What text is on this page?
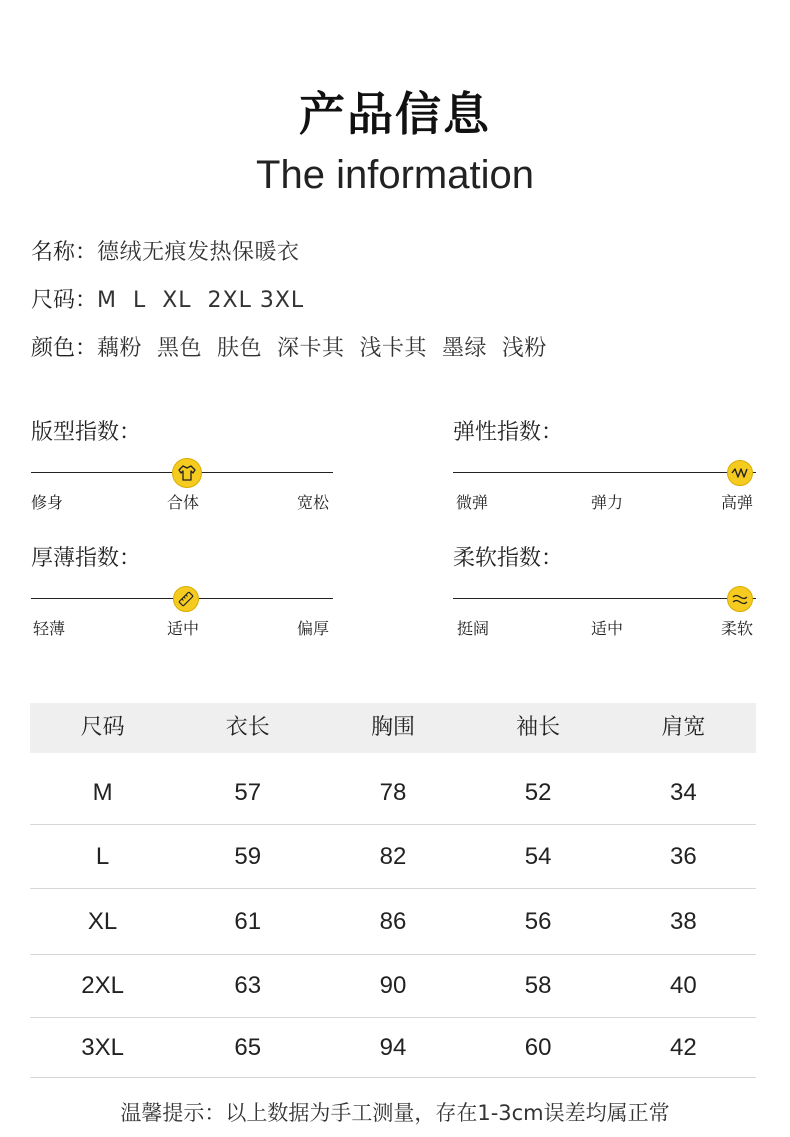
产品信息
The information
名称：德绒无痕发热保暖衣
尺码：M  L  XL  2XL 3XL
颜色：藕粉  黑色  肤色  深卡其  浅卡其  墨绿  浅粉
版型指数：
修身	合体	宽松
弹性指数：
微弹	弹力	高弹
厚薄指数：
轻薄	适中	偏厚
柔软指数：
挺阔	适中	柔软
尺码	衣长	胸围	袖长	肩宽
M	57	78	52	34
L	59	82	54	36
XL	61	86	56	38
2XL	63	90	58	40
3XL	65	94	60	42
温馨提示：以上数据为手工测量，存在1-3cm误差均属正常
